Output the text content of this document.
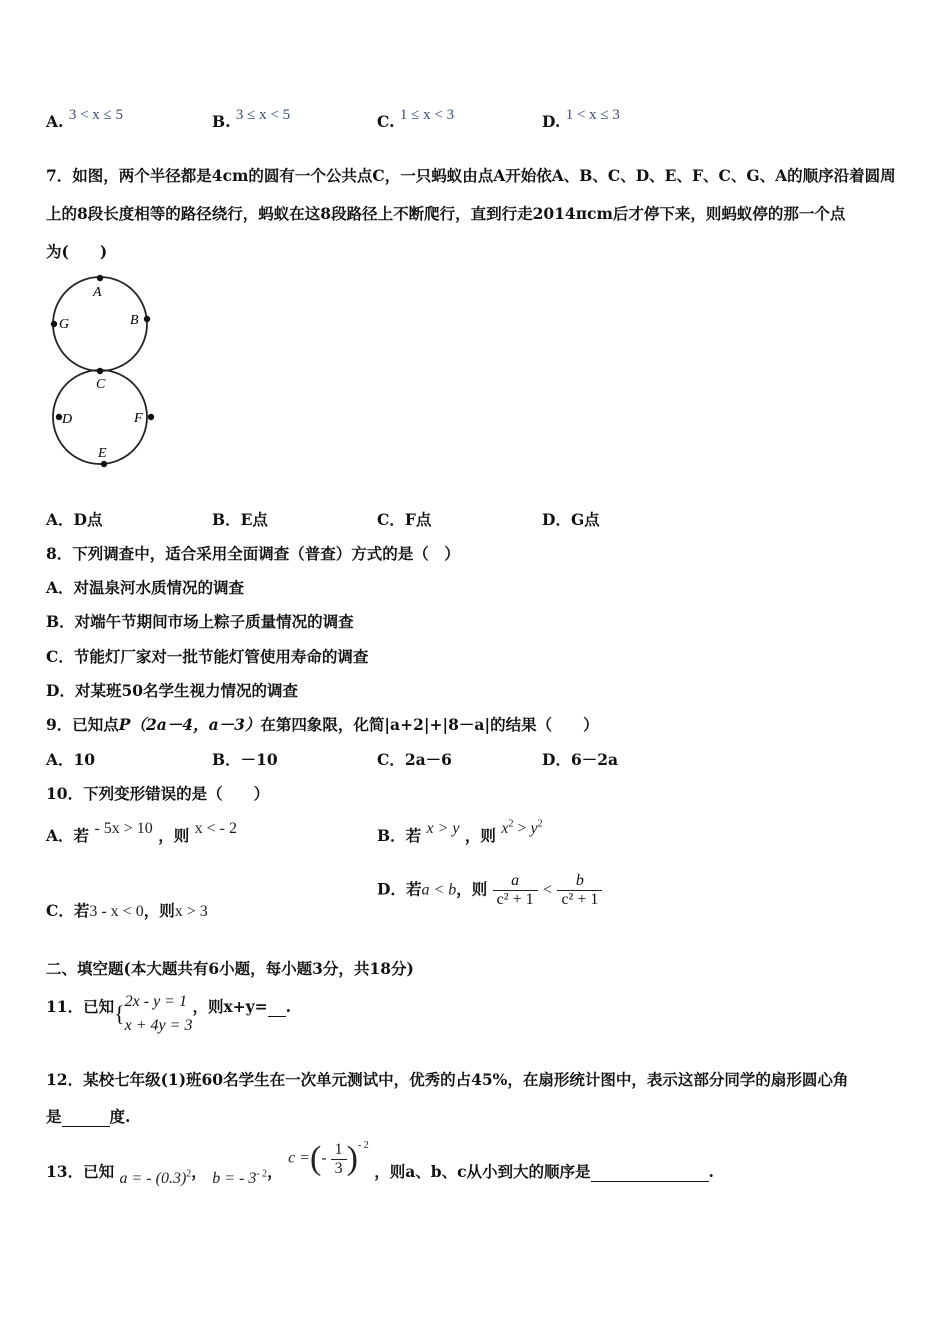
A. 3 < x ≤ 5	B. 3 ≤ x < 5	C. 1 ≤ x < 3	D. 1 < x ≤ 3
7．如图，两个半径都是4cm的圆有一个公共点C，一只蚂蚁由点A开始依A、B、C、D、E、F、C、G、A的顺序沿着圆周
上的8段长度相等的路径绕行，蚂蚁在这8段路径上不断爬行，直到行走2014πcm后才停下来，则蚂蚁停的那一个点
为(　　)
A
B
G
C
D	F
E
A．D点	B．E点	C．F点	D．G点
8．下列调查中，适合采用全面调查（普查）方式的是（　）
A．对温泉河水质情况的调查
B．对端午节期间市场上粽子质量情况的调查
C．节能灯厂家对一批节能灯管使用寿命的调查
D．对某班50名学生视力情况的调查
9．已知点P（2a－4，a－3）在第四象限，化简|a+2|+|8－a|的结果（　　）
A．10	B．－10	C．2a－6	D．6－2a
10．下列变形错误的是（　　）
A．若 - 5x > 10 ，则 x < - 2	B．若 x > y ，则 $x^2 > y^2$
C．若3 - x < 0，则x > 3
D．若a < b，则 $\frac{a}{\text{c² + 1}} < \frac{b}{\text{c² + 1}}$
二、填空题(本大题共有6小题，每小题3分，共18分)
11．已知{ 2x - y = 1
x + 4y = 3
，则x+y= .
12．某校七年级(1)班60名学生在一次单元测试中，优秀的占45%，在扇形统计图中，表示这部分同学的扇形圆心角
是	度.
13．已知 a = - $(0.3)^2$， b = - $3^{- 2}$， c =(- $\frac{1}{3} )^{- 2}$ ，则a、b、c从小到大的顺序是	.
